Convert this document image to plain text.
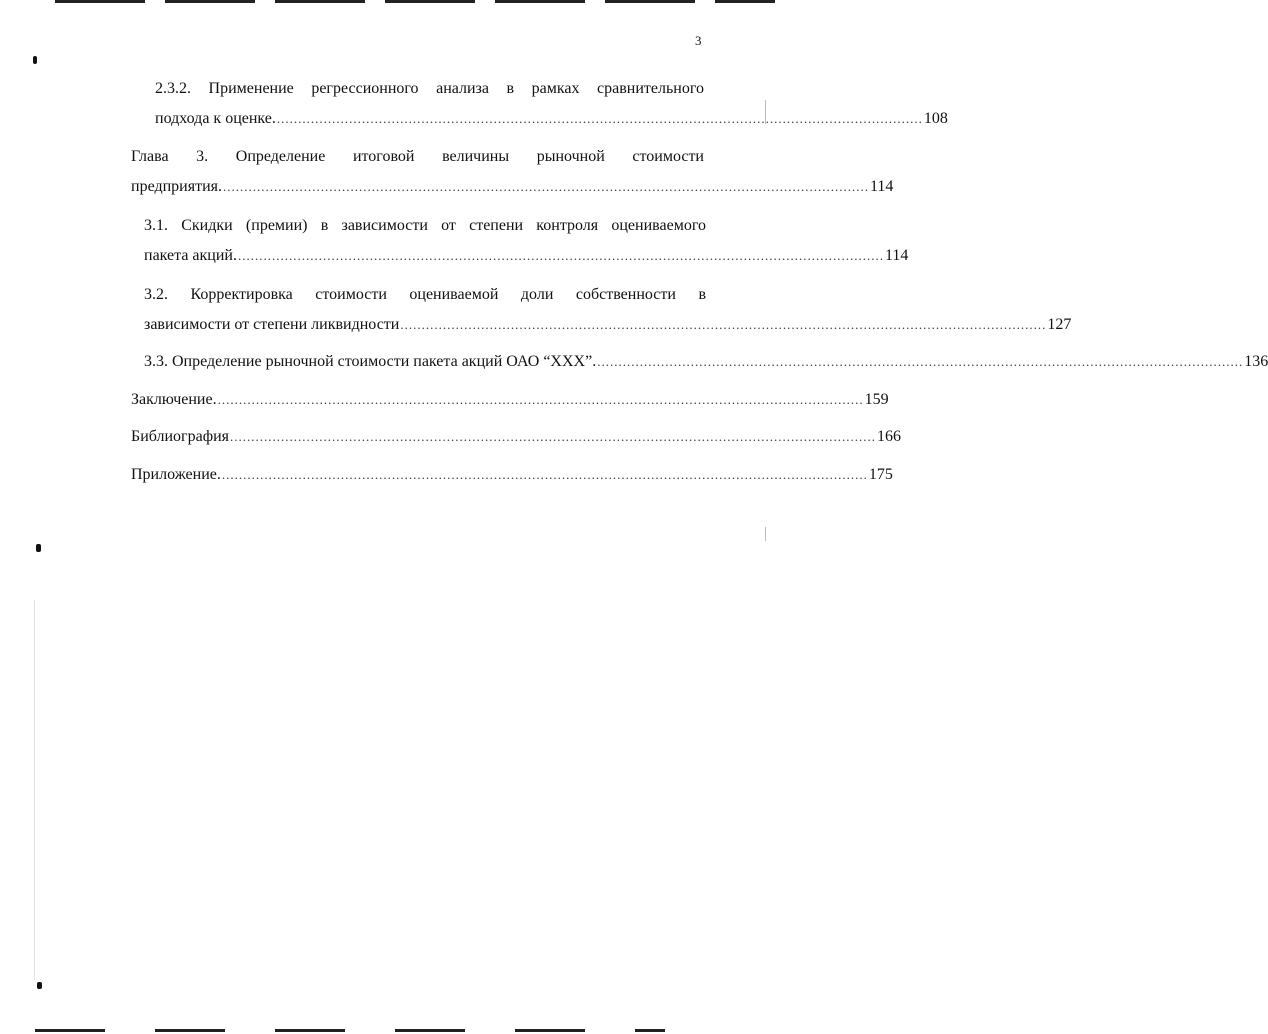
3
2.3.2. Применение регрессионного анализа в рамках сравнительного
подхода к оценке. ........................................................................................................................................................ 108
Глава 3. Определение итоговой величины рыночной стоимости
предприятия. ........................................................................................................................................................ 114
3.1. Скидки (премии) в зависимости от степени контроля оцениваемого
пакета акций. ........................................................................................................................................................ 114
3.2. Корректировка стоимости оцениваемой доли собственности в
зависимости от степени ликвидности ........................................................................................................................................................ 127
3.3. Определение рыночной стоимости пакета акций ОАО “XXX”. ........................................................................................................................................................ 136
Заключение. ........................................................................................................................................................ 159
Библиография ........................................................................................................................................................ 166
Приложение. ........................................................................................................................................................ 175
